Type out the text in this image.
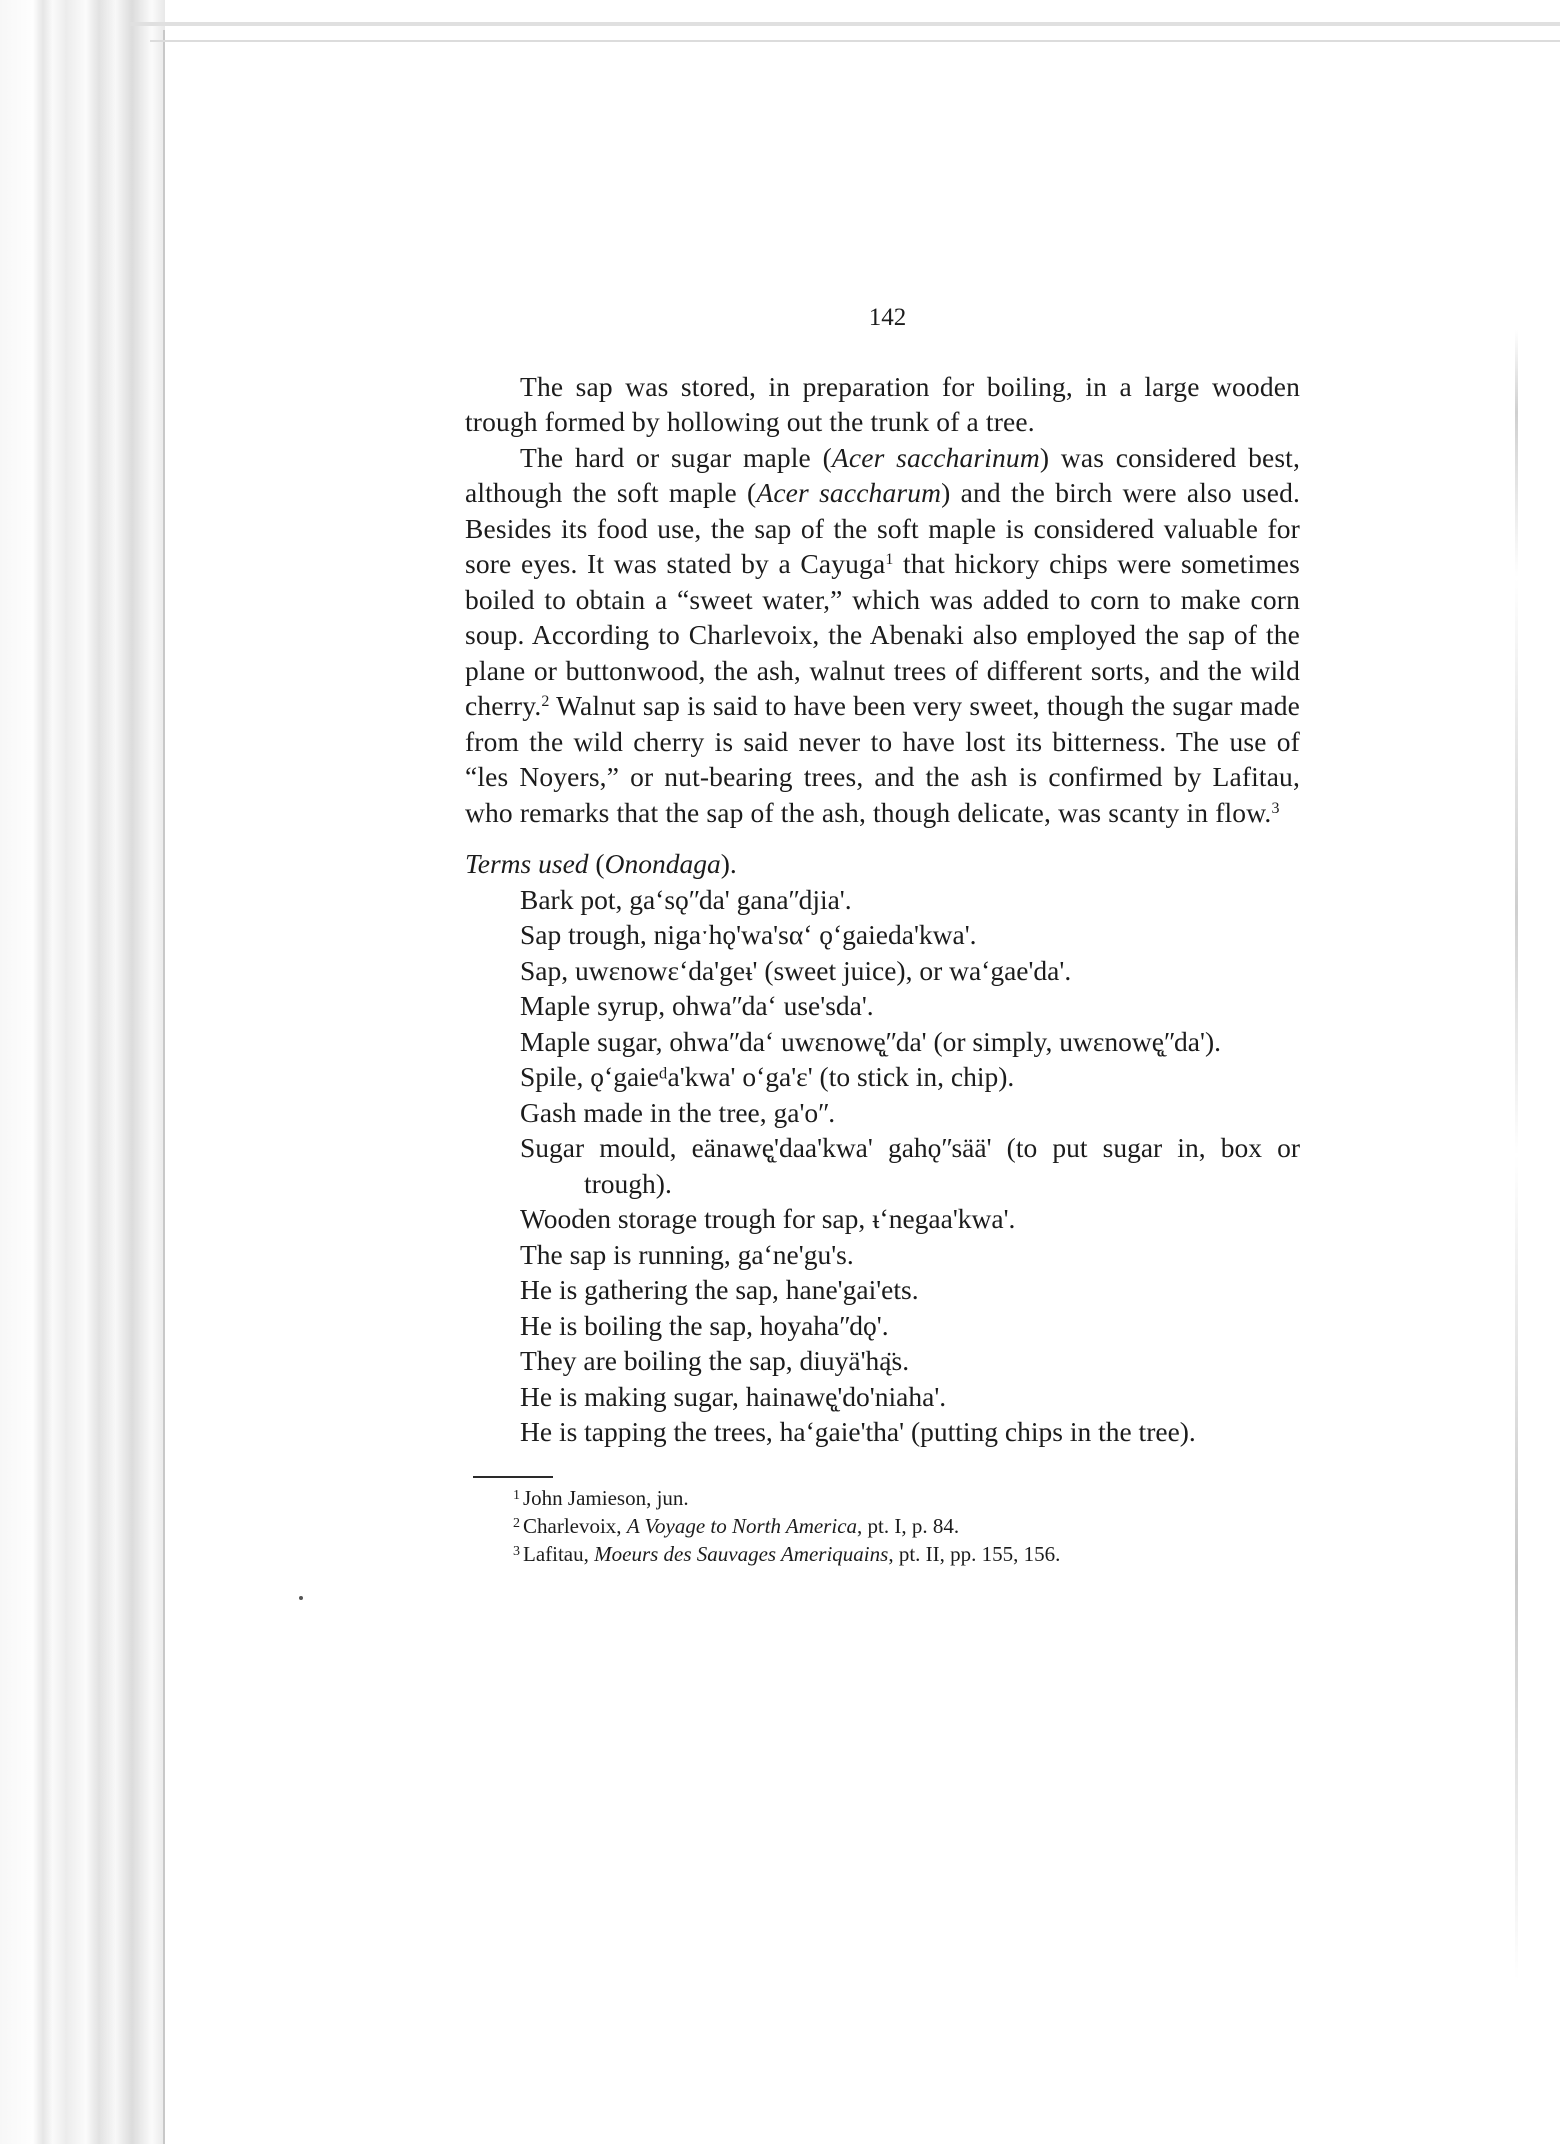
142

The sap was stored, in preparation for boiling, in a large wooden trough formed by hollowing out the trunk of a tree.

The hard or sugar maple (Acer saccharinum) was considered best, although the soft maple (Acer saccharum) and the birch were also used. Besides its food use, the sap of the soft maple is considered valuable for sore eyes. It was stated by a Cayuga$^1$ that hickory chips were sometimes boiled to obtain a “sweet water,” which was added to corn to make corn soup. According to Charlevoix, the Abenaki also employed the sap of the plane or buttonwood, the ash, walnut trees of different sorts, and the wild cherry.$^2$ Walnut sap is said to have been very sweet, though the sugar made from the wild cherry is said never to have lost its bitterness. The use of “les Noyers,” or nut-bearing trees, and the ash is confirmed by Lafitau, who remarks that the sap of the ash, though delicate, was scanty in flow.$^3$

Terms used (Onondaga).
Bark pot, gaʻsǫʺda' ganaʺdjia'.
Sap trough, nigaˑhǫ'wa'sαʻ ǫʻgaieda'kwa'.
Sap, uwɛnowɛʻda'geᵼ' (sweet juice), or waʻgae'da'.
Maple syrup, ohwaʺdaʻ use'sda'.
Maple sugar, ohwaʺdaʻ uwɛnowę̨ʺda' (or simply, uwɛnowę̨ʺda').
Spile, ǫʻgaieᵈa'kwa' oʻga'ɛ' (to stick in, chip).
Gash made in the tree, ga'oʺ.
Sugar mould, eänawę̨'daa'kwa' gahǫʺsää' (to put sugar in, box or trough).
Wooden storage trough for sap, ᵼʻnegaa'kwa'.
The sap is running, gaʻne'gu's.
He is gathering the sap, hane'gai'ets.
He is boiling the sap, hoyahaʺdǫ'.
They are boiling the sap, diuyä'hą̈s.
He is making sugar, hainawę̨'do'niaha'.
He is tapping the trees, haʻgaie'tha' (putting chips in the tree).
$^1$ John Jamieson, jun.
$^2$ Charlevoix, A Voyage to North America, pt. I, p. 84.
$^3$ Lafitau, Moeurs des Sauvages Ameriquains, pt. II, pp. 155, 156.
